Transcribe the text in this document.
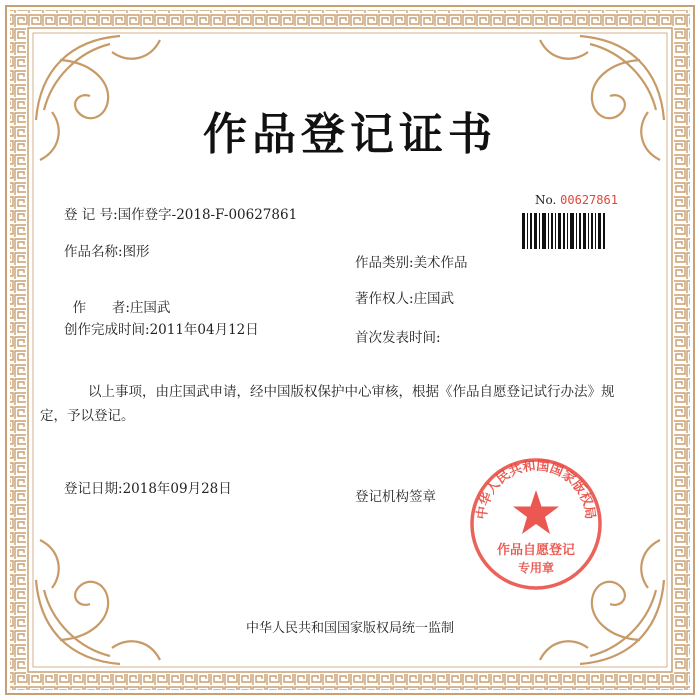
作品登记证书
No. 00627861
登 记 号:国作登字-2018-F-00627861
作品名称:图形
作品类别:美术作品

作      者:庄国武

著作权人:庄国武
创作完成时间:2011年04月12日	首次发表时间:
以上事项，由庄国武申请，经中国版权保护中心审核，根据《作品自愿登记试行办法》规
定，予以登记。
登记日期:2018年09月28日	登记机构签章
中华人民共和国国家版权局
作品自愿登记
专用章
中华人民共和国国家版权局统一监制
